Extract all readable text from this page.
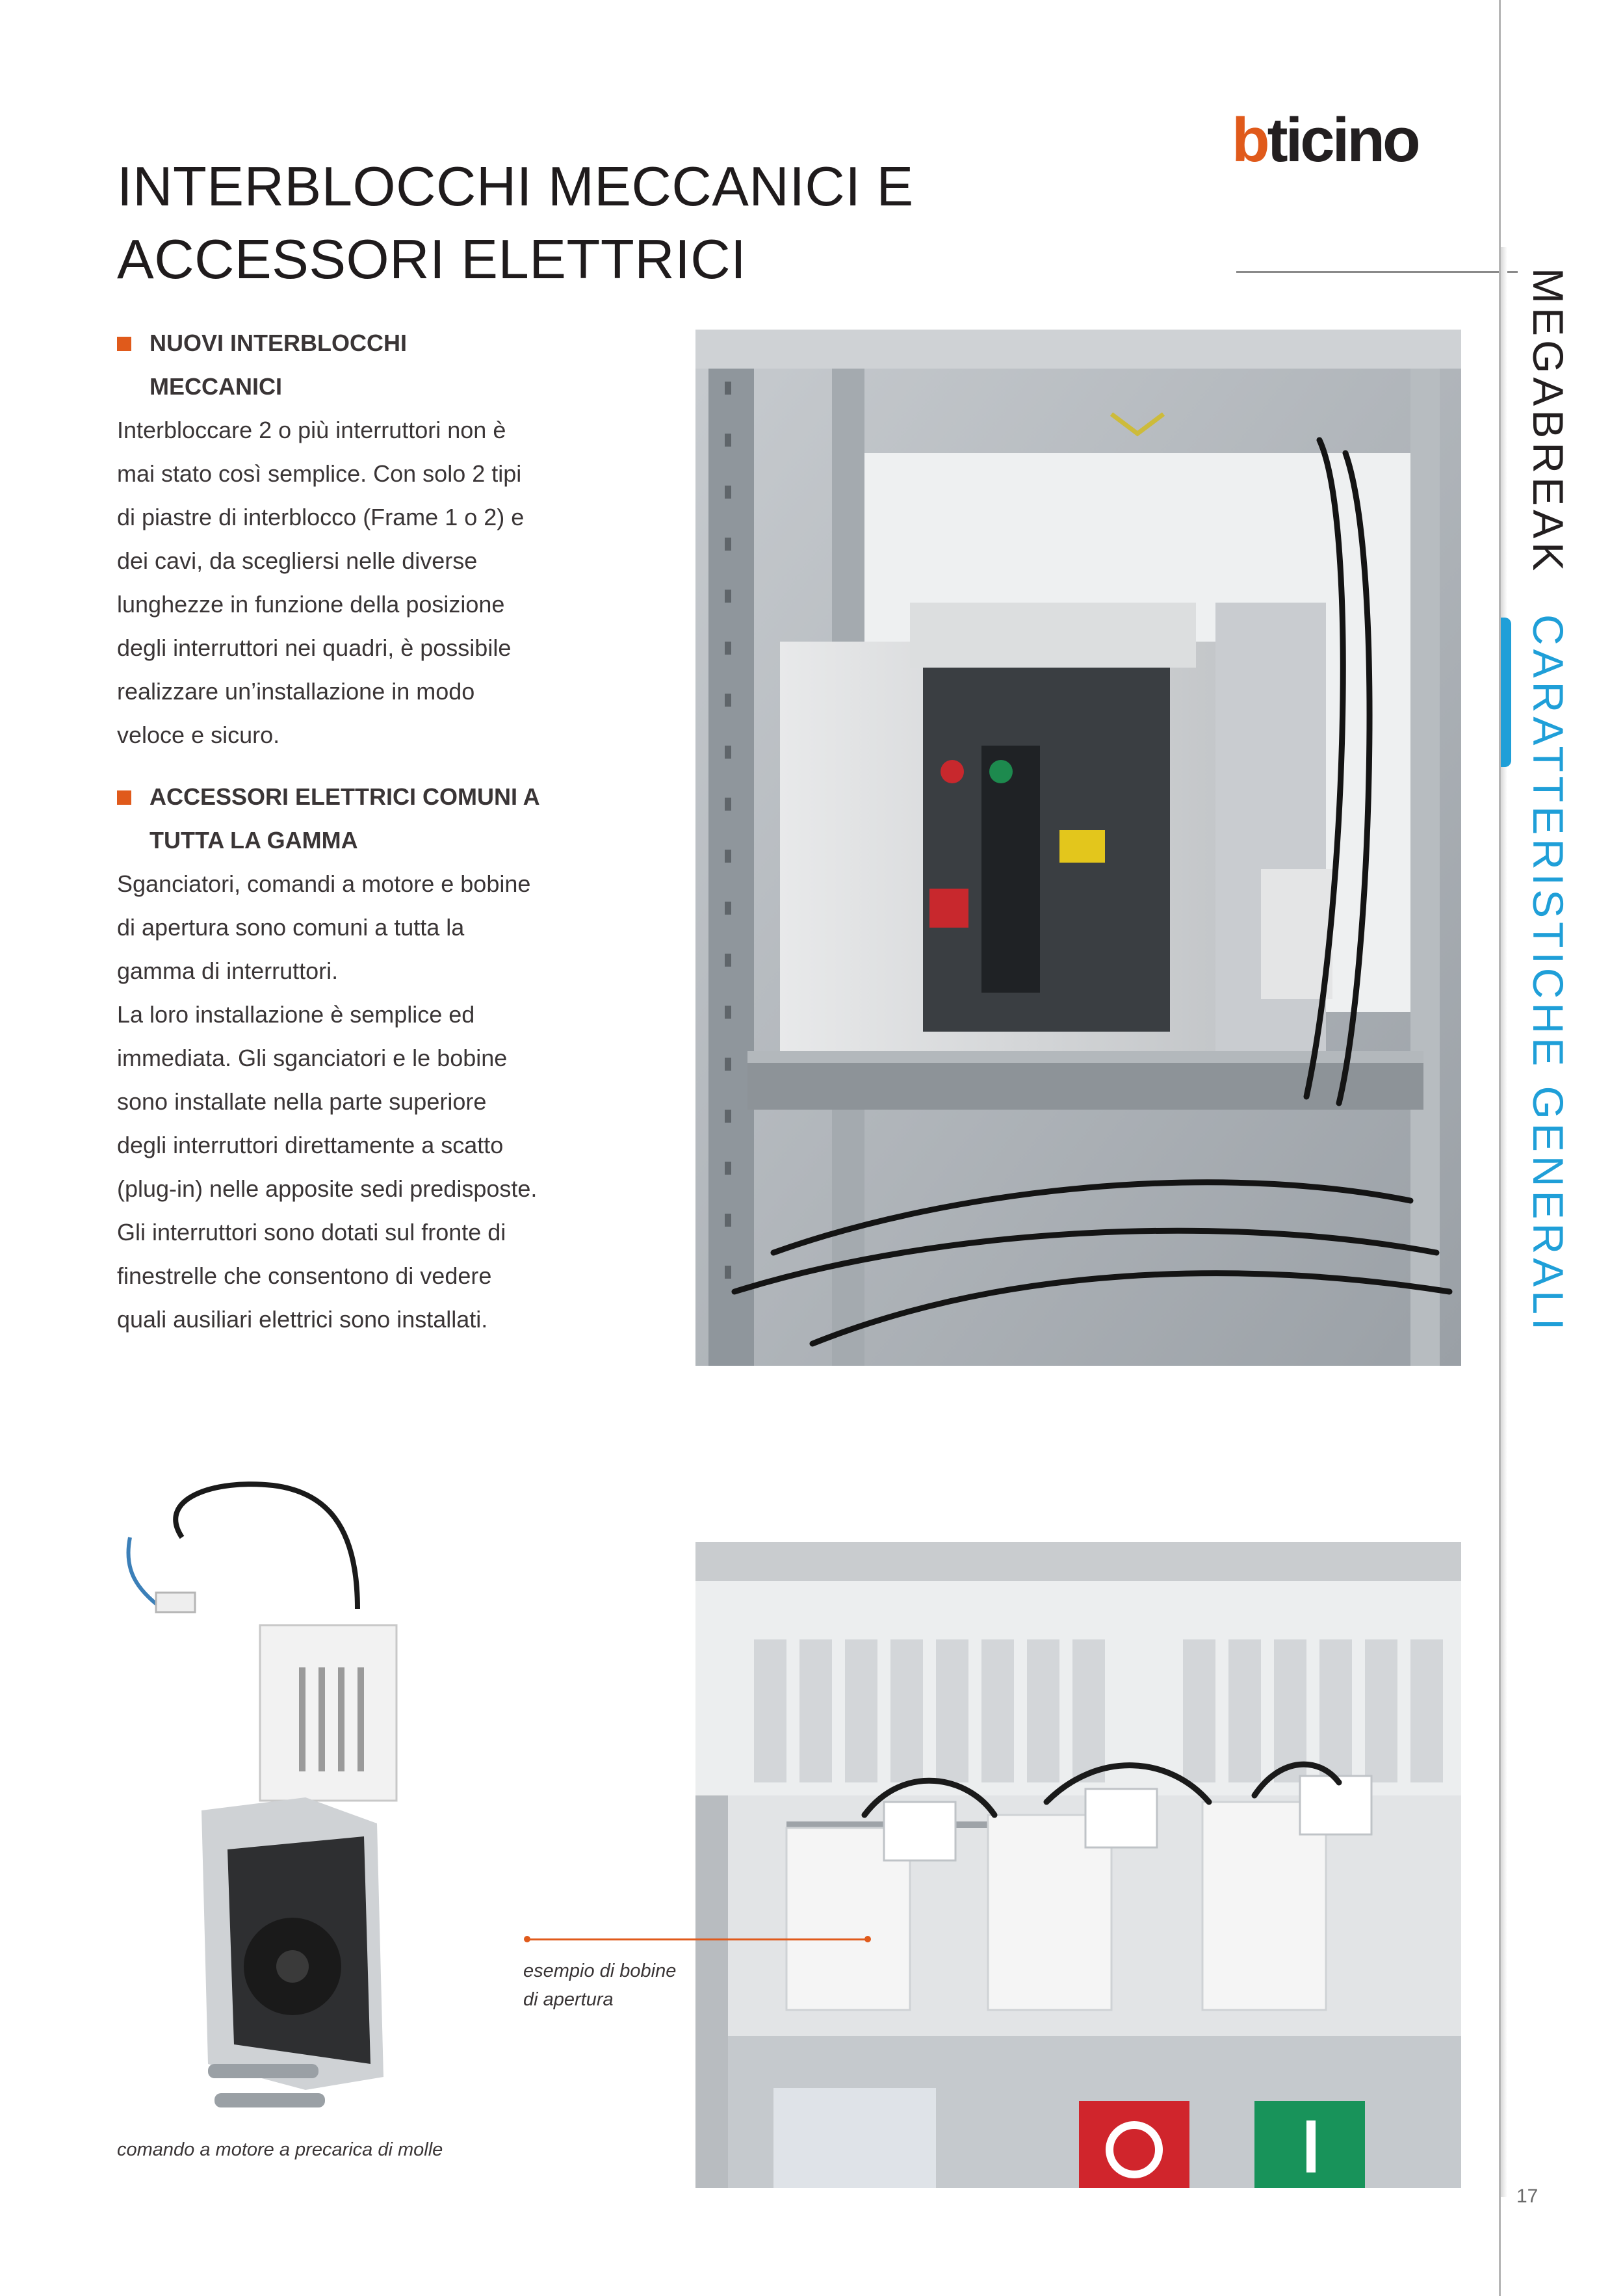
INTERBLOCCHI MECCANICI E ACCESSORI ELETTRICI
bticino
MEGABREAK
CARATTERISTICHE GENERALI
NUOVI INTERBLOCCHI MECCANICI

Interbloccare 2 o più interruttori non è mai stato così semplice. Con solo 2 tipi di piastre di interblocco (Frame 1 o 2) e dei cavi, da scegliersi nelle diverse lunghezze in funzione della posizione degli interruttori nei quadri, è possibile realizzare un’installazione in modo veloce e sicuro.

ACCESSORI ELETTRICI COMUNI A TUTTA LA GAMMA

Sganciatori, comandi a motore e bobine di apertura sono comuni a tutta la gamma di interruttori.

La loro installazione è semplice ed immediata. Gli sganciatori e le bobine sono installate nella parte superiore degli interruttori direttamente a scatto (plug-in) nelle apposite sedi predisposte.

Gli interruttori sono dotati sul fronte di finestrelle che consentono di vedere quali ausiliari elettrici sono installati.

esempio di bobine di apertura
comando a motore a precarica di molle
17
